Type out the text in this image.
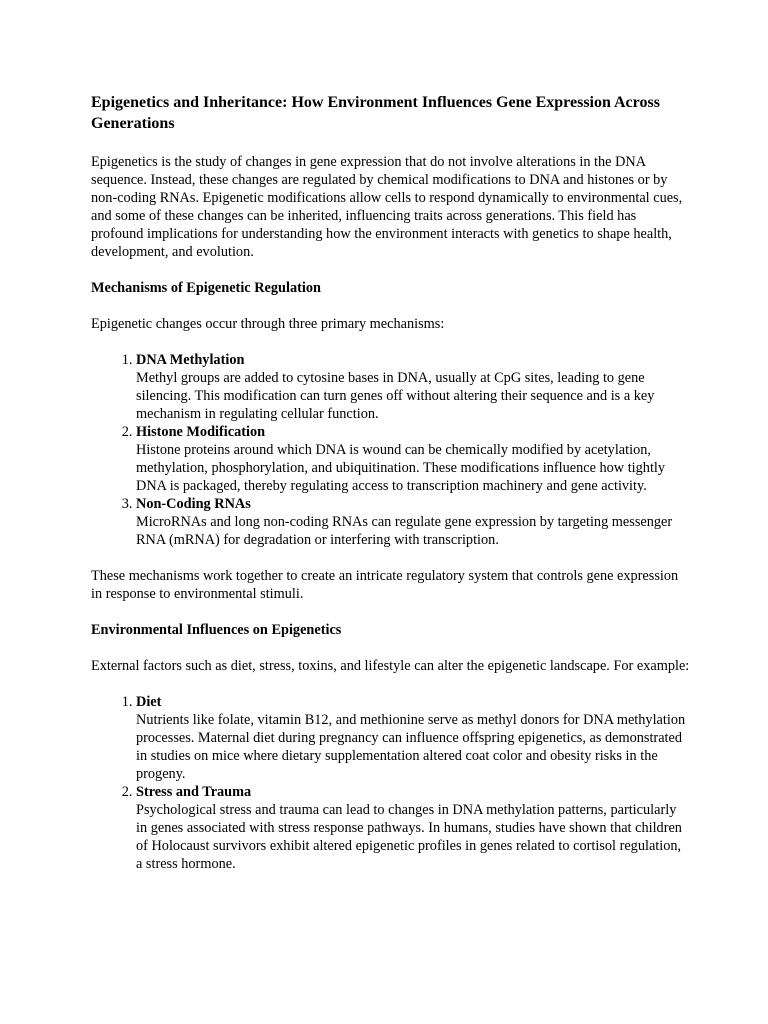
Epigenetics and Inheritance: How Environment Influences Gene Expression Across Generations

Epigenetics is the study of changes in gene expression that do not involve alterations in the DNA sequence. Instead, these changes are regulated by chemical modifications to DNA and histones or by non-coding RNAs. Epigenetic modifications allow cells to respond dynamically to environmental cues, and some of these changes can be inherited, influencing traits across generations. This field has profound implications for understanding how the environment interacts with genetics to shape health, development, and evolution.

Mechanisms of Epigenetic Regulation

Epigenetic changes occur through three primary mechanisms:

1. DNA Methylation
Methyl groups are added to cytosine bases in DNA, usually at CpG sites, leading to gene silencing. This modification can turn genes off without altering their sequence and is a key mechanism in regulating cellular function.
2. Histone Modification
Histone proteins around which DNA is wound can be chemically modified by acetylation, methylation, phosphorylation, and ubiquitination. These modifications influence how tightly DNA is packaged, thereby regulating access to transcription machinery and gene activity.
3. Non-Coding RNAs
MicroRNAs and long non-coding RNAs can regulate gene expression by targeting messenger RNA (mRNA) for degradation or interfering with transcription.

These mechanisms work together to create an intricate regulatory system that controls gene expression in response to environmental stimuli.

Environmental Influences on Epigenetics

External factors such as diet, stress, toxins, and lifestyle can alter the epigenetic landscape. For example:

1. Diet
Nutrients like folate, vitamin B12, and methionine serve as methyl donors for DNA methylation processes. Maternal diet during pregnancy can influence offspring epigenetics, as demonstrated in studies on mice where dietary supplementation altered coat color and obesity risks in the progeny.
2. Stress and Trauma
Psychological stress and trauma can lead to changes in DNA methylation patterns, particularly in genes associated with stress response pathways. In humans, studies have shown that children of Holocaust survivors exhibit altered epigenetic profiles in genes related to cortisol regulation, a stress hormone.
